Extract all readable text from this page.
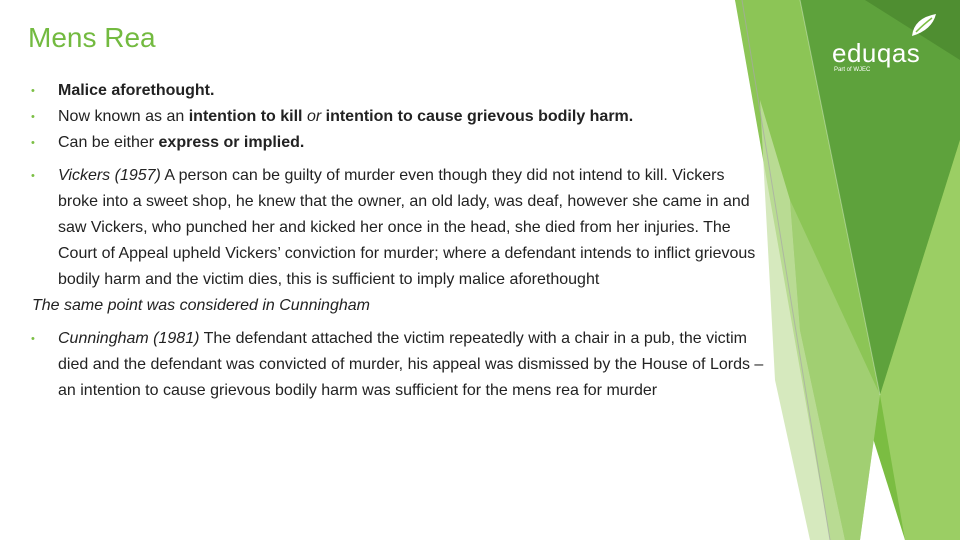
eduqas
Part of WJEC
Mens Rea
• Malice aforethought.
• Now known as an intention to kill or intention to cause grievous bodily harm.
• Can be either express or implied.
• Vickers (1957) A person can be guilty of murder even though they did not intend to kill. Vickers broke into a sweet shop, he knew that the owner, an old lady, was deaf, however she came in and saw Vickers, who punched her and kicked her once in the head, she died from her injuries. The Court of Appeal upheld Vickers’ conviction for murder; where a defendant intends to inflict grievous bodily harm and the victim dies, this is sufficient to imply malice aforethought
The same point was considered in Cunningham
• Cunningham (1981) The defendant attached the victim repeatedly with a chair in a pub, the victim died and the defendant was convicted of murder, his appeal was dismissed by the House of Lords – an intention to cause grievous bodily harm was sufficient for the mens rea for murder
